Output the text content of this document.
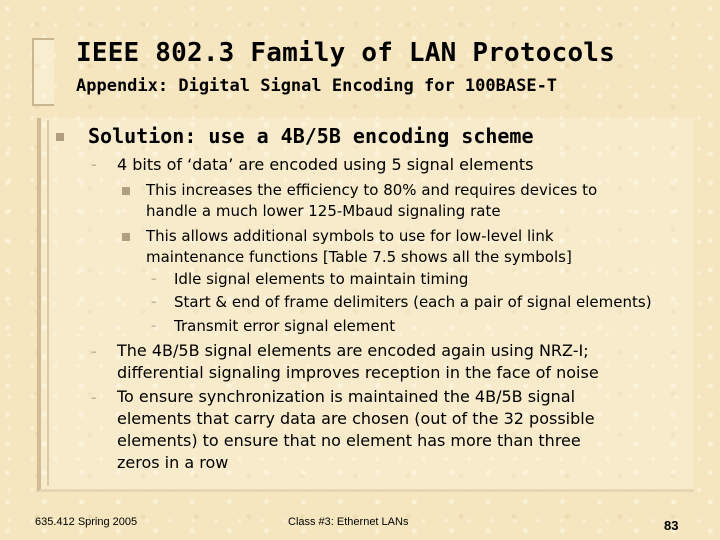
IEEE 802.3 Family of LAN Protocols
Appendix: Digital Signal Encoding for 100BASE-T
Solution: use a 4B/5B encoding scheme
– 4 bits of ‘data’ are encoded using 5 signal elements
This increases the efficiency to 80% and requires devices to
handle a much lower 125-Mbaud signaling rate
This allows additional symbols to use for low-level link
maintenance functions [Table 7.5 shows all the symbols]
– Idle signal elements to maintain timing
– Start & end of frame delimiters (each a pair of signal elements)
– Transmit error signal element
– The 4B/5B signal elements are encoded again using NRZ-I;
differential signaling improves reception in the face of noise
– To ensure synchronization is maintained the 4B/5B signal
elements that carry data are chosen (out of the 32 possible
elements) to ensure that no element has more than three
zeros in a row
635.412 Spring 2005	Class #3: Ethernet LANs	83
